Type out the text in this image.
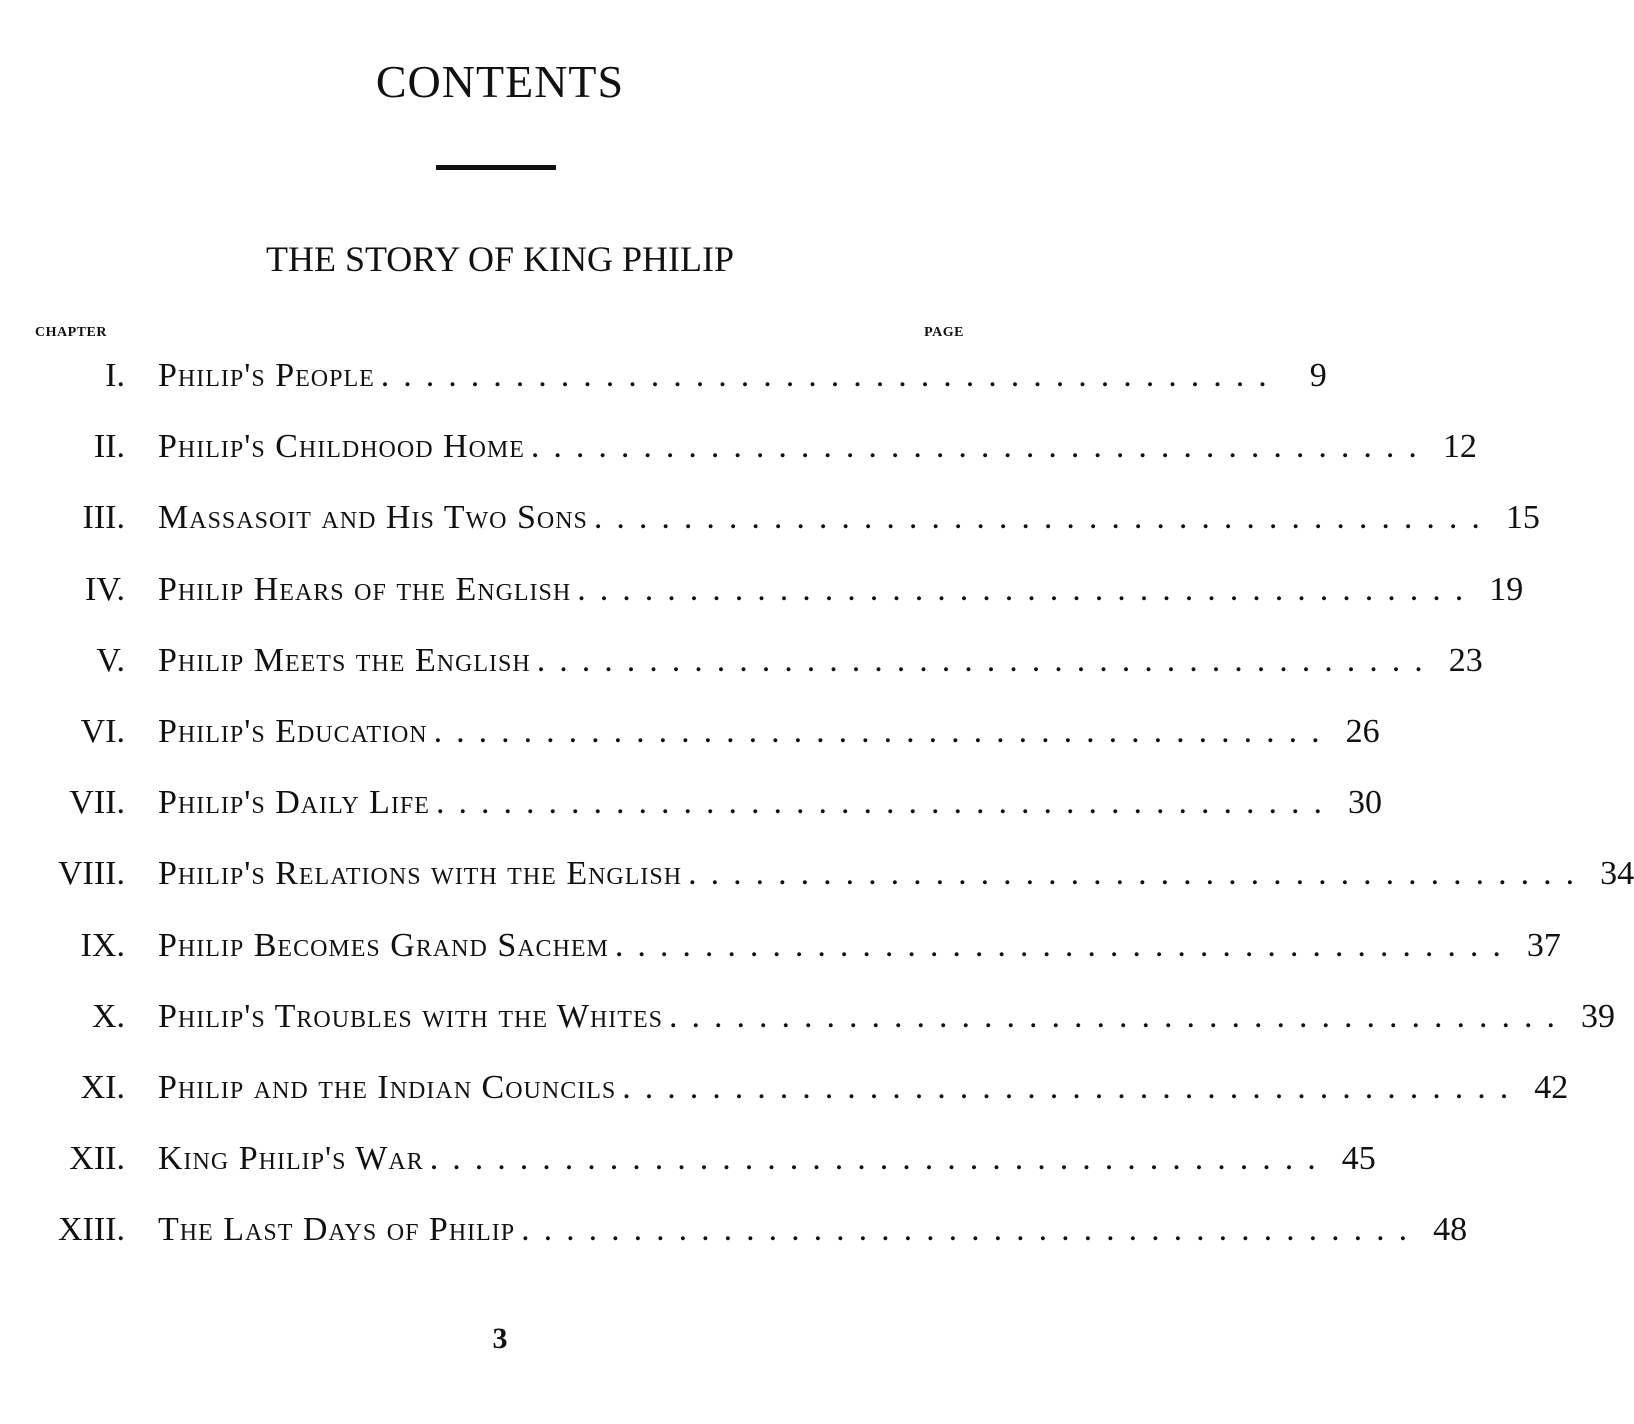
CONTENTS
THE STORY OF KING PHILIP
CHAPTER	PAGE
I. Philip's People ........................................ 9
II. Philip's Childhood Home ........................................ 12
III. Massasoit and His Two Sons ........................................ 15
IV. Philip Hears of the English ........................................ 19
V. Philip Meets the English ........................................ 23
VI. Philip's Education ........................................ 26
VII. Philip's Daily Life ........................................ 30
VIII. Philip's Relations with the English ........................................ 34
IX. Philip Becomes Grand Sachem ........................................ 37
X. Philip's Troubles with the Whites ........................................ 39
XI. Philip and the Indian Councils ........................................ 42
XII. King Philip's War ........................................ 45
XIII. The Last Days of Philip ........................................ 48
3
